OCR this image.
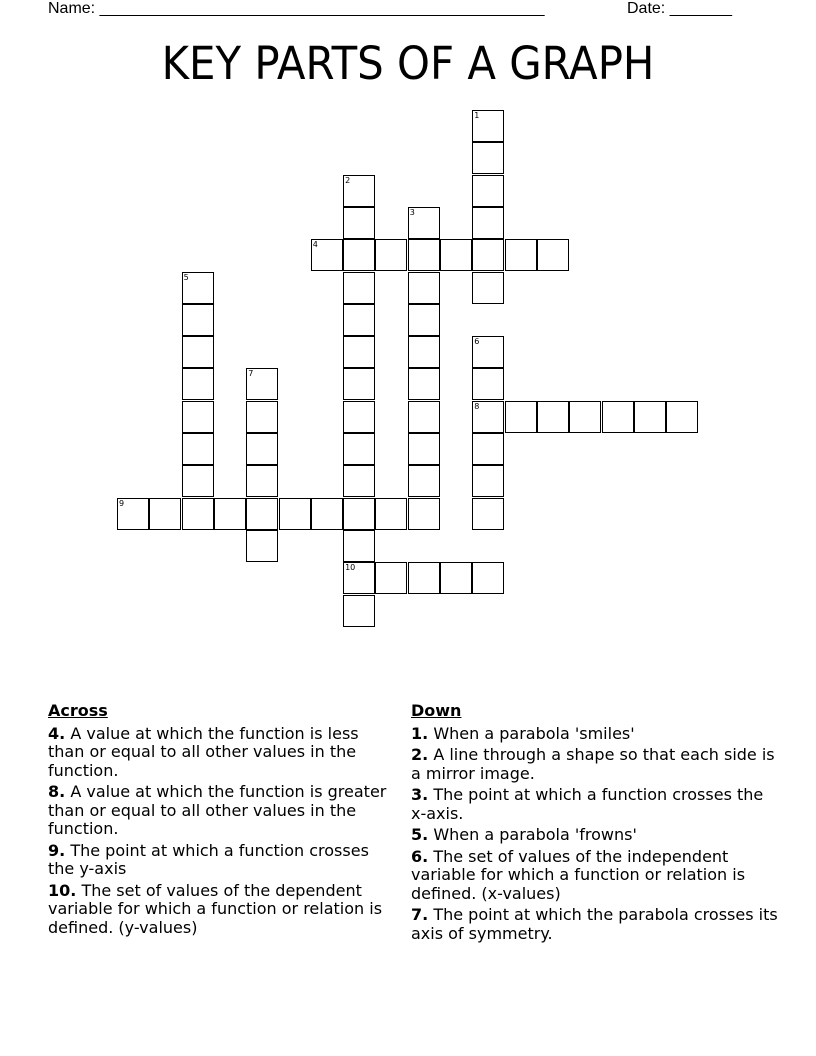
Name: __________________________________________________	Date: _______
KEY PARTS OF A GRAPH
1
2
10
3
4
5
6
8
7
9
Across
4. A value at which the function is less than or equal to all other values in the function.
8. A value at which the function is greater than or equal to all other values in the function.
9. The point at which a function crosses the y-axis
10. The set of values of the dependent variable for which a function or relation is defined. (y-values)
Down
1. When a parabola 'smiles'
2. A line through a shape so that each side is a mirror image.
3. The point at which a function crosses the x-axis.
5. When a parabola 'frowns'
6. The set of values of the independent variable for which a function or relation is defined. (x-values)
7. The point at which the parabola crosses its axis of symmetry.
